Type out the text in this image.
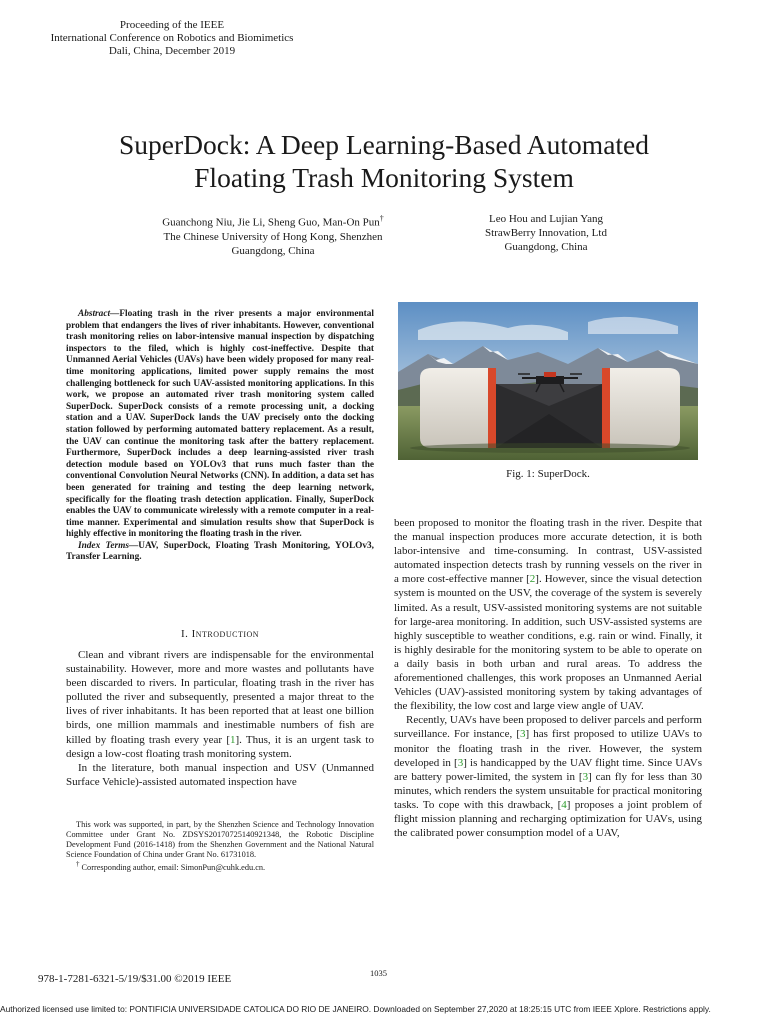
Proceeding of the IEEE
International Conference on Robotics and Biomimetics
Dali, China, December 2019
SuperDock: A Deep Learning-Based Automated
Floating Trash Monitoring System
Guanchong Niu, Jie Li, Sheng Guo, Man-On Pun†
The Chinese University of Hong Kong, Shenzhen
Guangdong, China
Leo Hou and Lujian Yang
StrawBerry Innovation, Ltd
Guangdong, China
Abstract—Floating trash in the river presents a major environmental problem that endangers the lives of river inhabitants. However, conventional trash monitoring relies on labor-intensive manual inspection by dispatching inspectors to the filed, which is highly cost-ineffective. Despite that Unmanned Aerial Vehicles (UAVs) have been widely proposed for many real-time monitoring applications, limited power supply remains the most challenging bottleneck for such UAV-assisted monitoring applications. In this work, we propose an automated river trash monitoring system called SuperDock. SuperDock consists of a remote processing unit, a docking station and a UAV. SuperDock lands the UAV precisely onto the docking station followed by performing automated battery replacement. As a result, the UAV can continue the monitoring task after the battery replacement. Furthermore, SuperDock includes a deep learning-assisted river trash detection module based on YOLOv3 that runs much faster than the conventional Convolution Neural Networks (CNN). In addition, a data set has been generated for training and testing the deep learning network, specifically for the floating trash detection application. Finally, SuperDock enables the UAV to communicate wirelessly with a remote computer in a real-time manner. Experimental and simulation results show that SuperDock is highly effective in monitoring the floating trash in the river.
Index Terms—UAV, SuperDock, Floating Trash Monitoring, YOLOv3, Transfer Learning.
I. Introduction

Clean and vibrant rivers are indispensable for the environmental sustainability. However, more and more wastes and pollutants have been discarded to rivers. In particular, floating trash in the river has polluted the river and subsequently, presented a major threat to the lives of river inhabitants. It has been reported that at least one billion birds, one million mammals and inestimable numbers of fish are killed by floating trash every year [1]. Thus, it is an urgent task to design a low-cost floating trash monitoring system.

In the literature, both manual inspection and USV (Unmanned Surface Vehicle)-assisted automated inspection have

This work was supported, in part, by the Shenzhen Science and Technology Innovation Committee under Grant No. ZDSYS20170725140921348, the Robotic Discipline Development Fund (2016-1418) from the Shenzhen Government and the National Natural Science Foundation of China under Grant No. 61731018.

† Corresponding author, email: SimonPun@cuhk.edu.cn.

Fig. 1: SuperDock.

been proposed to monitor the floating trash in the river. Despite that the manual inspection produces more accurate detection, it is both labor-intensive and time-consuming. In contrast, USV-assisted automated inspection detects trash by running vessels on the river in a more cost-effective manner [2]. However, since the visual detection system is mounted on the USV, the coverage of the system is severely limited. As a result, USV-assisted monitoring systems are not suitable for large-area monitoring. In addition, such USV-assisted systems are highly susceptible to weather conditions, e.g. rain or wind. Finally, it is highly desirable for the monitoring system to be able to operate on a daily basis in both urban and rural areas. To address the aforementioned challenges, this work proposes an Unmanned Aerial Vehicles (UAV)-assisted monitoring system by taking advantages of the flexibility, the low cost and large view angle of UAV.

Recently, UAVs have been proposed to deliver parcels and perform surveillance. For instance, [3] has first proposed to utilize UAVs to monitor the floating trash in the river. However, the system developed in [3] is handicapped by the UAV flight time. Since UAVs are battery power-limited, the system in [3] can fly for less than 30 minutes, which renders the system unsuitable for practical monitoring tasks. To cope with this drawback, [4] proposes a joint problem of flight mission planning and recharging optimization for UAVs, using the calibrated power consumption model of a UAV,

978-1-7281-6321-5/19/$31.00 ©2019 IEEE	1035
Authorized licensed use limited to: PONTIFICIA UNIVERSIDADE CATOLICA DO RIO DE JANEIRO. Downloaded on September 27,2020 at 18:25:15 UTC from IEEE Xplore. Restrictions apply.
